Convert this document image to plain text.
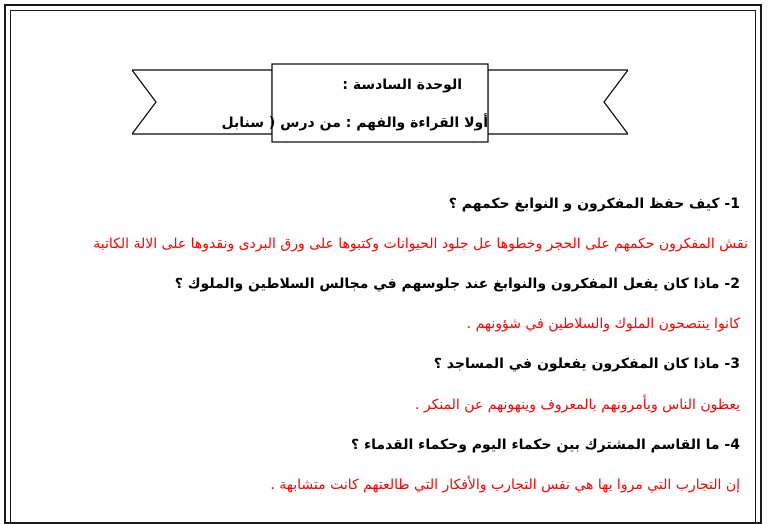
الوحدة السادسة :
أولا القراءة والفهم : من درس ( سنابل
1- كيف حفظ المفكرون و النوابغ حكمهم ؟
نقش المفكرون حكمهم على الحجر وخطوها عل جلود الحيوانات وكتبوها على ورق البردى ونقدوها على الالة الكاتبة
2- ماذا كان يفعل المفكرون والنوابغ عند جلوسهم في مجالس السلاطين والملوك ؟
كانوا ينتصحون الملوك والسلاطين في شؤونهم .
3- ماذا كان المفكرون يفعلون في المساجد ؟
يعظون الناس ويأمرونهم بالمعروف وينهونهم عن المنكر .
4- ما القاسم المشترك بين حكماء اليوم وحكماء القدماء ؟
إن التجارب التي مروا بها هي نفس التجارب والأفكار التي طالعتهم كانت متشابهة .
